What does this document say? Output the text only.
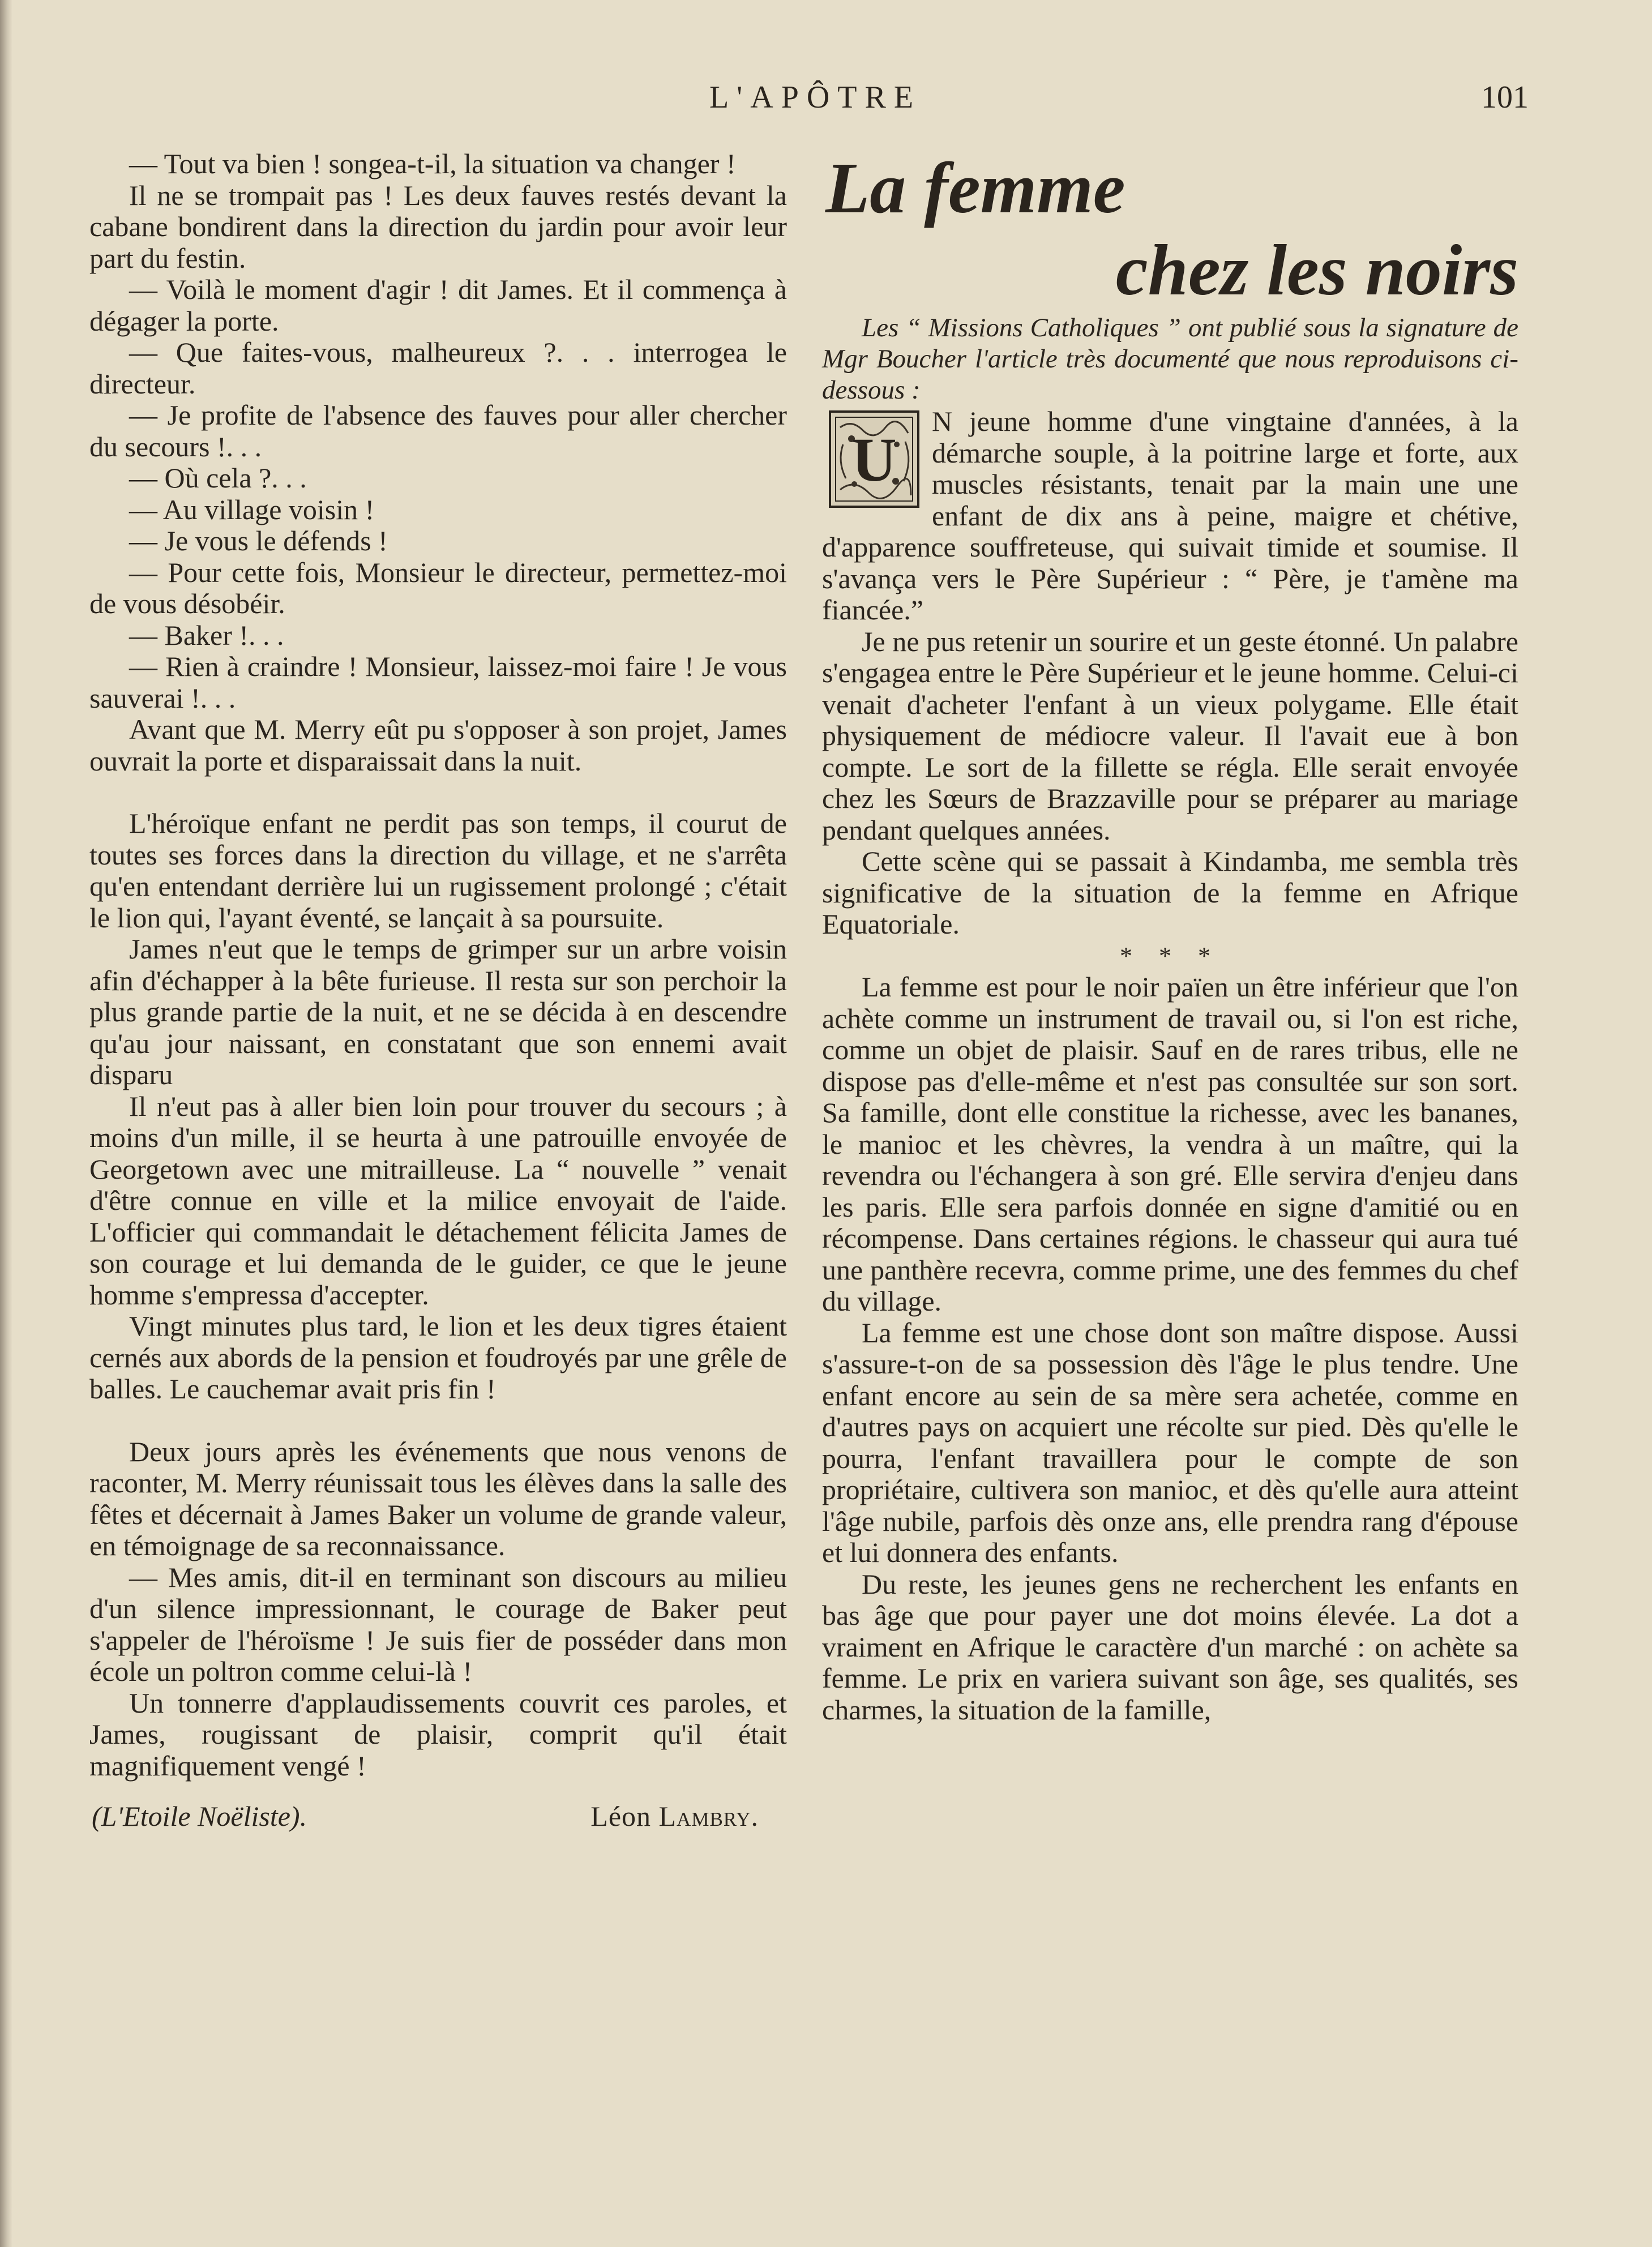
L'APÔTRE	101

— Tout va bien ! songea-t-il, la situation va changer !

Il ne se trompait pas ! Les deux fauves restés devant la cabane bondirent dans la direction du jardin pour avoir leur part du festin.

— Voilà le moment d'agir ! dit James. Et il commença à dégager la porte.

— Que faites-vous, malheureux ?. . . interrogea le directeur.

— Je profite de l'absence des fauves pour aller chercher du secours !. . .

— Où cela ?. . .

— Au village voisin !

— Je vous le défends !

— Pour cette fois, Monsieur le directeur, permettez-moi de vous désobéir.

— Baker !. . .

— Rien à craindre ! Monsieur, laissez-moi faire ! Je vous sauverai !. . .

Avant que M. Merry eût pu s'opposer à son projet, James ouvrait la porte et disparaissait dans la nuit.

L'héroïque enfant ne perdit pas son temps, il courut de toutes ses forces dans la direction du village, et ne s'arrêta qu'en entendant derrière lui un rugissement prolongé ; c'était le lion qui, l'ayant éventé, se lançait à sa poursuite.

James n'eut que le temps de grimper sur un arbre voisin afin d'échapper à la bête furieuse. Il resta sur son perchoir la plus grande partie de la nuit, et ne se décida à en descendre qu'au jour naissant, en constatant que son ennemi avait disparu

Il n'eut pas à aller bien loin pour trouver du secours ; à moins d'un mille, il se heurta à une patrouille envoyée de Georgetown avec une mitrailleuse. La “ nouvelle ” venait d'être connue en ville et la milice envoyait de l'aide. L'officier qui commandait le détachement félicita James de son courage et lui demanda de le guider, ce que le jeune homme s'empressa d'accepter.

Vingt minutes plus tard, le lion et les deux tigres étaient cernés aux abords de la pension et foudroyés par une grêle de balles. Le cauchemar avait pris fin !

Deux jours après les événements que nous venons de raconter, M. Merry réunissait tous les élèves dans la salle des fêtes et décernait à James Baker un volume de grande valeur, en témoignage de sa reconnaissance.

— Mes amis, dit-il en terminant son discours au milieu d'un silence impressionnant, le courage de Baker peut s'appeler de l'héroïsme ! Je suis fier de posséder dans mon école un poltron comme celui-là !

Un tonnerre d'applaudissements couvrit ces paroles, et James, rougissant de plaisir, comprit qu'il était magnifiquement vengé !

(L'Etoile Noëliste).	Léon Lambry.
La femme
chez les noirs

Les “ Missions Catholiques ” ont publié sous la signature de Mgr Boucher l'article très documenté que nous reproduisons ci-dessous :

U

N jeune homme d'une vingtaine d'années, à la démarche souple, à la poitrine large et forte, aux muscles résistants, tenait par la main une une enfant de dix ans à peine, maigre et chétive, d'apparence souffreteuse, qui suivait timide et soumise. Il s'avança vers le Père Supérieur : “ Père, je t'amène ma fiancée.”

Je ne pus retenir un sourire et un geste étonné. Un palabre s'engagea entre le Père Supérieur et le jeune homme. Celui-ci venait d'acheter l'enfant à un vieux polygame. Elle était physiquement de médiocre valeur. Il l'avait eue à bon compte. Le sort de la fillette se régla. Elle serait envoyée chez les Sœurs de Brazzaville pour se préparer au mariage pendant quelques années.

Cette scène qui se passait à Kindamba, me sembla très significative de la situation de la femme en Afrique Equatoriale.

* * *

La femme est pour le noir païen un être inférieur que l'on achète comme un instrument de travail ou, si l'on est riche, comme un objet de plaisir. Sauf en de rares tribus, elle ne dispose pas d'elle-même et n'est pas consultée sur son sort. Sa famille, dont elle constitue la richesse, avec les bananes, le manioc et les chèvres, la vendra à un maître, qui la revendra ou l'échangera à son gré. Elle servira d'enjeu dans les paris. Elle sera parfois donnée en signe d'amitié ou en récompense. Dans certaines régions. le chasseur qui aura tué une panthère recevra, comme prime, une des femmes du chef du village.

La femme est une chose dont son maître dispose. Aussi s'assure-t-on de sa possession dès l'âge le plus tendre. Une enfant encore au sein de sa mère sera achetée, comme en d'autres pays on acquiert une récolte sur pied. Dès qu'elle le pourra, l'enfant travaillera pour le compte de son propriétaire, cultivera son manioc, et dès qu'elle aura atteint l'âge nubile, parfois dès onze ans, elle prendra rang d'épouse et lui donnera des enfants.

Du reste, les jeunes gens ne recherchent les enfants en bas âge que pour payer une dot moins élevée. La dot a vraiment en Afrique le caractère d'un marché : on achète sa femme. Le prix en variera suivant son âge, ses qualités, ses charmes, la situation de la famille,
